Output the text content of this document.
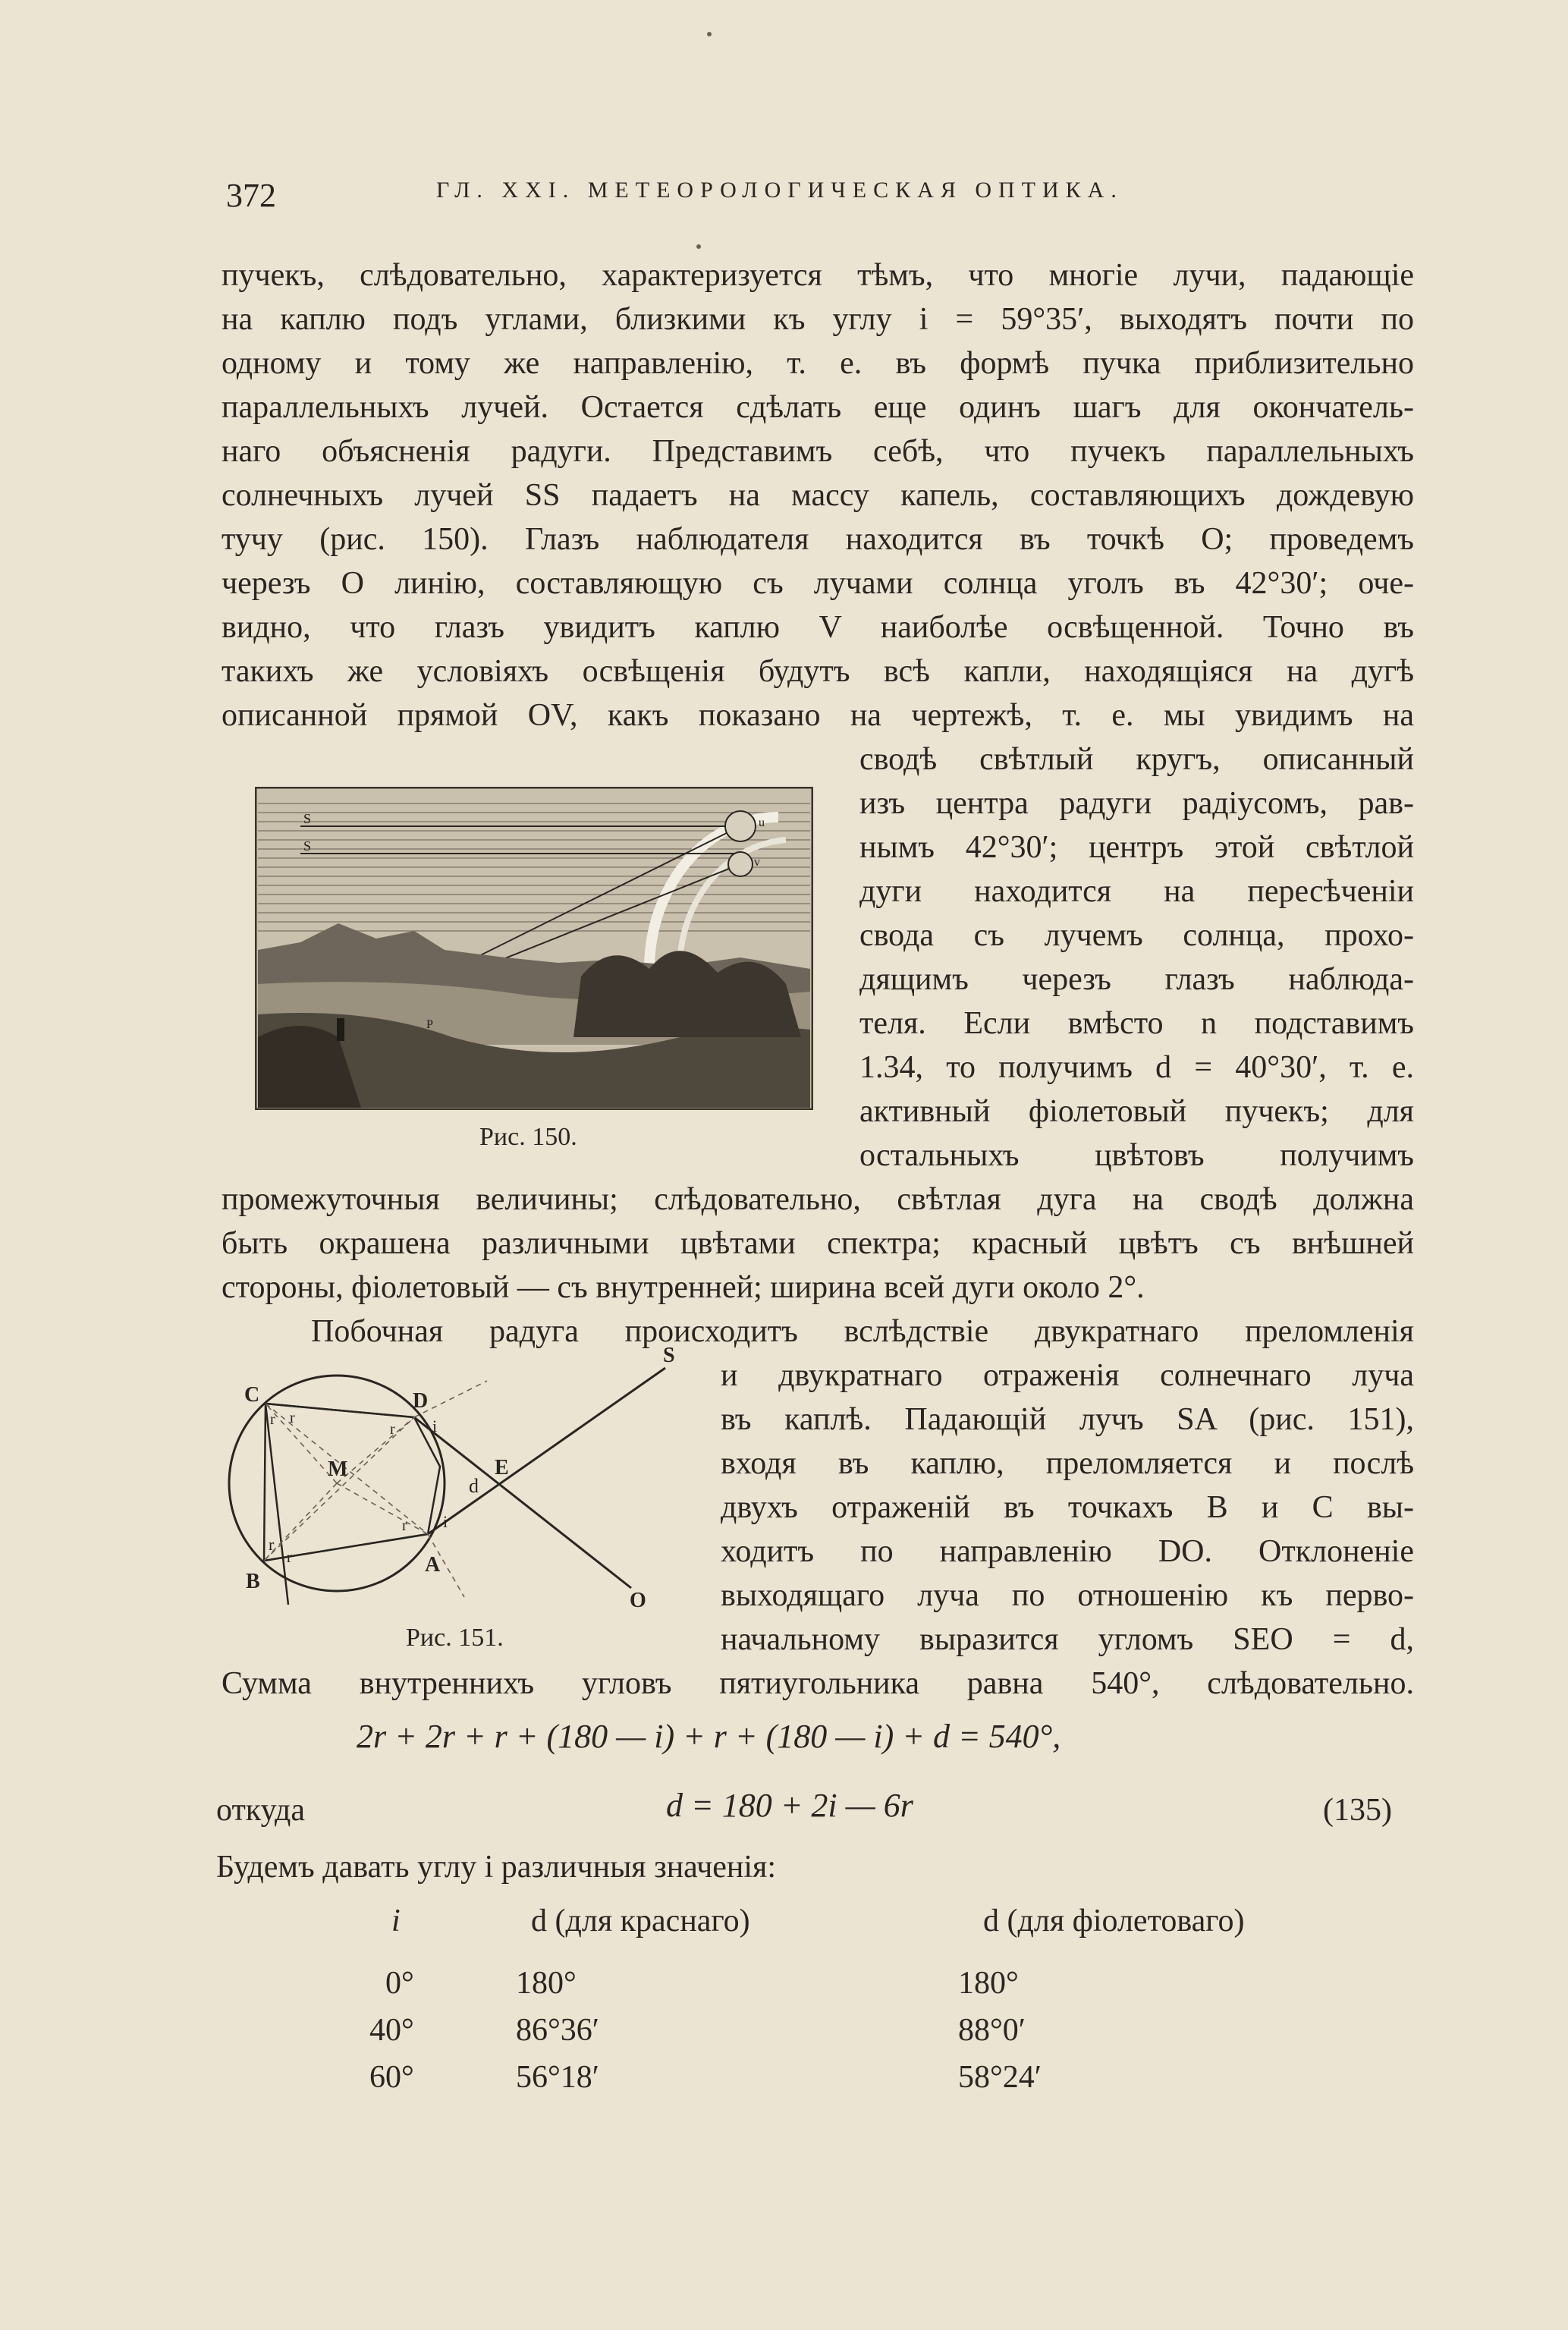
372	ГЛ. XXI. МЕТЕОРОЛОГИЧЕСКАЯ ОПТИКА.
пучекъ, слѣдовательно, характеризуется тѣмъ, что многіе лучи, падающіе
на каплю подъ углами, близкими къ углу i = 59°35′, выходятъ почти по
одному и тому же направленію, т. е. въ формѣ пучка приблизительно
параллельныхъ лучей. Остается сдѣлать еще одинъ шагъ для окончатель-
наго объясненія радуги. Представимъ себѣ, что пучекъ параллельныхъ
солнечныхъ лучей SS падаетъ на массу капель, составляющихъ дождевую
тучу (рис. 150). Глазъ наблюдателя находится въ точкѣ O; проведемъ
черезъ O линію, составляющую съ лучами солнца уголъ въ 42°30′; оче-
видно, что глазъ увидитъ каплю V наиболѣе освѣщенной. Точно въ
такихъ же условіяхъ освѣщенія будутъ всѣ капли, находящіяся на дугѣ
описанной прямой OV, какъ показано на чертежѣ, т. е. мы увидимъ на
сводѣ свѣтлый кругъ, описанный
изъ центра радуги радіусомъ, рав-
нымъ 42°30′; центръ этой свѣтлой
дуги находится на пересѣченіи
свода съ лучемъ солнца, прохо-
дящимъ черезъ глазъ наблюда-
теля. Если вмѣсто n подставимъ
1.34, то получимъ d = 40°30′, т. е.
активный фіолетовый пучекъ; для
остальныхъ цвѣтовъ получимъ
S
S
u
v
P
Рис. 150.
промежуточныя величины; слѣдовательно, свѣтлая дуга на сводѣ должна
быть окрашена различными цвѣтами спектра; красный цвѣтъ съ внѣшней
стороны, фіолетовый — съ внутренней; ширина всей дуги около 2°.
Побочная радуга происходитъ вслѣдствіе двукратнаго преломленія
и двукратнаго отраженія солнечнаго луча
въ каплѣ. Падающій лучъ SA (рис. 151),
входя въ каплю, преломляется и послѣ
двухъ отраженій въ точкахъ B и C вы-
ходитъ по направленію DO. Отклоненіе
выходящаго луча по отношенію къ перво-
начальному выразится угломъ SEO = d,
C	D
M	E
d
B
A
O
i
i
r r
r
r
r
r
S
Рис. 151.
Сумма внутреннихъ угловъ пятиугольника равна 540°, слѣдовательно.
2r + 2r + r + (180 — i) + r + (180 — i) + d = 540°,
откуда	d = 180 + 2i — 6r	(135)
Будемъ давать углу i различныя значенія:
i	d (для краснаго)	d (для фіолетоваго)
0°	180°	180°
40°	86°36′	88°0′
60°	56°18′	58°24′
